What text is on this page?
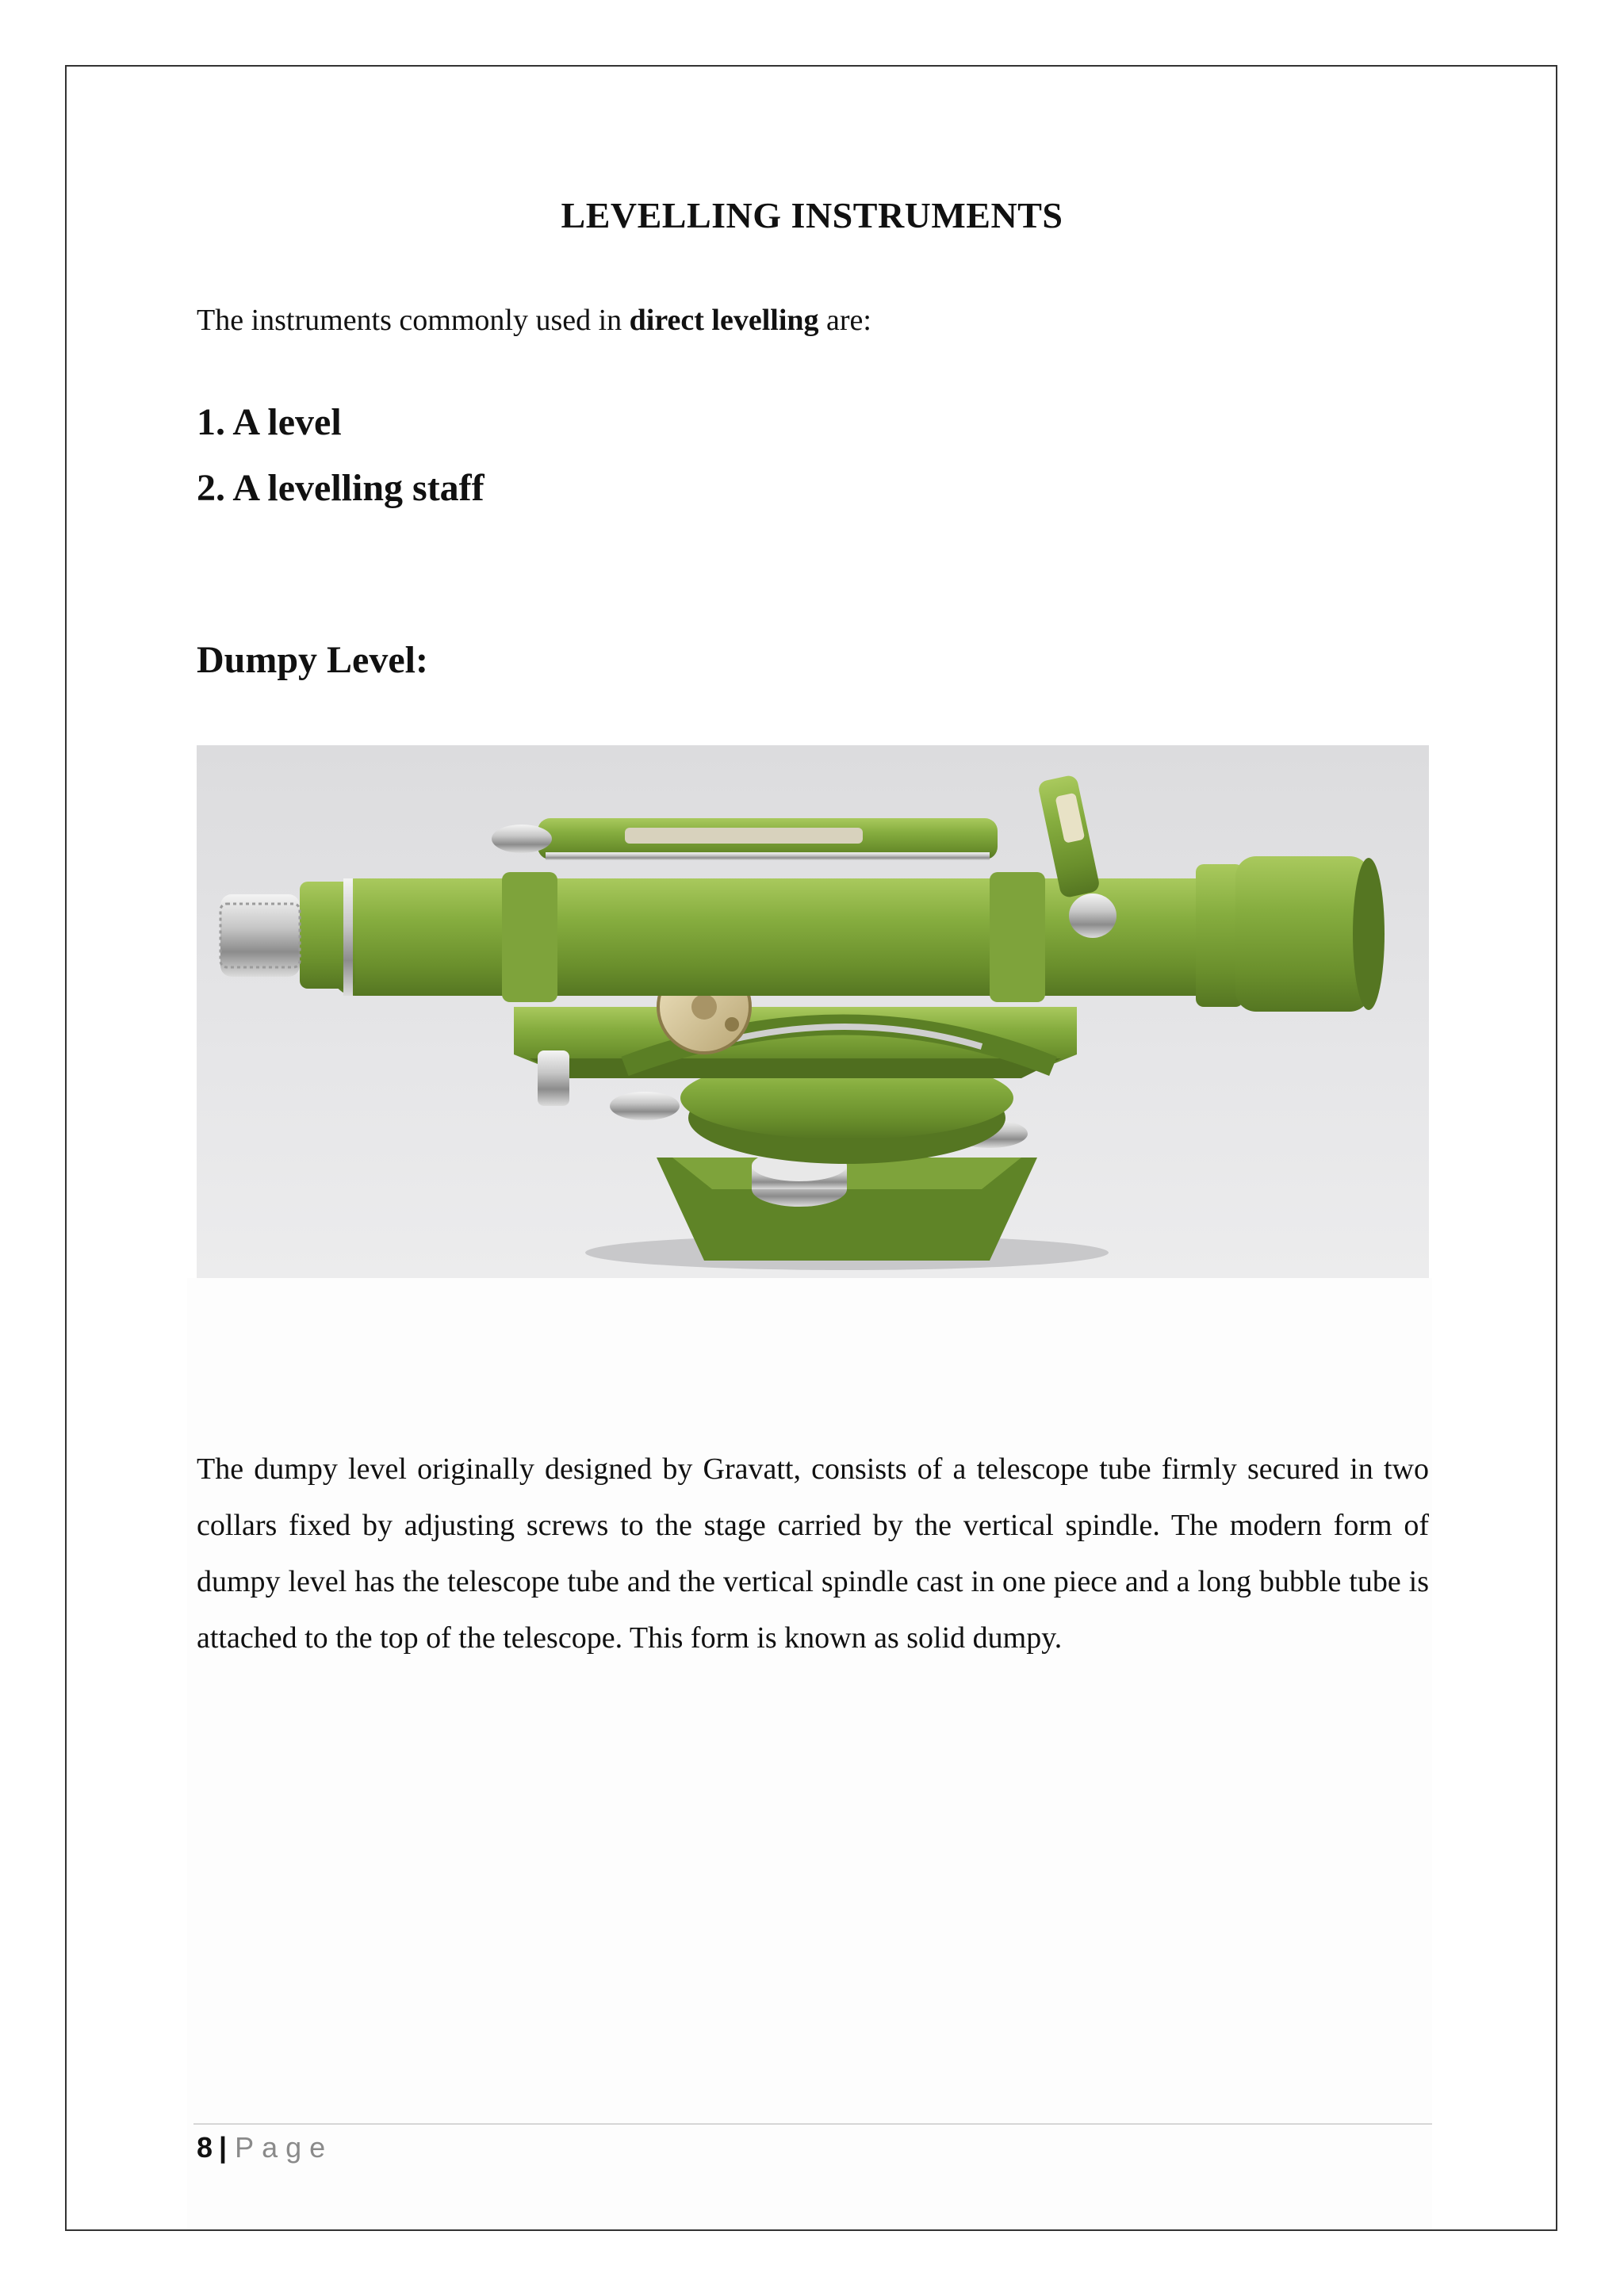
LEVELLING INSTRUMENTS
The instruments commonly used in direct levelling are:
1. A level
2. A levelling staff
Dumpy Level:
The dumpy level originally designed by Gravatt, consists of a telescope tube firmly secured in two collars fixed by adjusting screws to the stage carried by the vertical spindle. The modern form of dumpy level has the telescope tube and the vertical spindle cast in one piece and a long bubble tube is attached to the top of the telescope. This form is known as solid dumpy.
8 | Page
